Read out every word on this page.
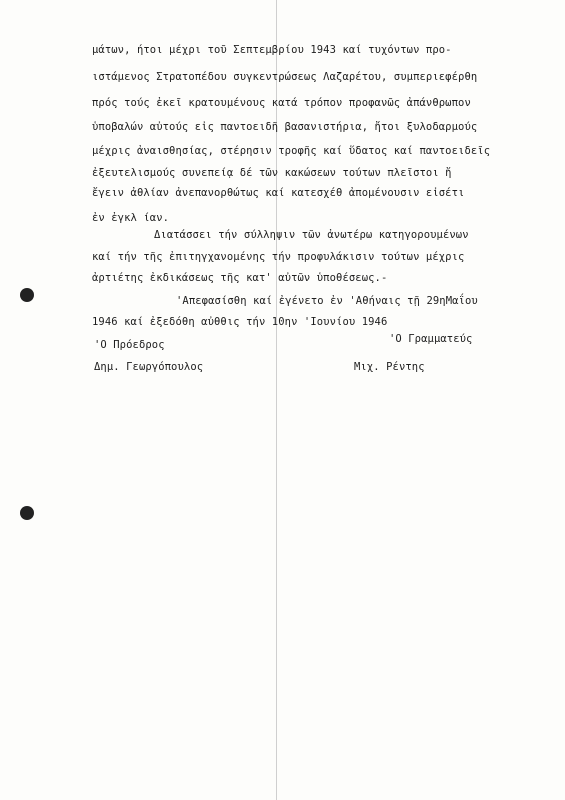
μάτων, ήτοι μέχρι τοῦ Σεπτεμβρίου 1943 καί τυχόντων προ-
ιστάμενος Στρατοπέδου συγκεντρώσεως Λαζαρέτου, συμπεριεφέρθη
πρός τούς ἐκεῖ κρατουμένους κατά τρόπον προφανῶς ἀπάνθρωπον
ὑποβαλών αὐτούς εἰς παντοειδῆ βασανιστήρια, ἤτοι ξυλοδαρμούς
μέχρις ἀναισθησίας, στέρησιν τροφῆς καί ὕδατος καί παντοειδεῖς
ἐξευτελισμούς συνεπείᾳ δέ τῶν κακώσεων τούτων πλεῖστοι ἤ
ἔγειν ἀθλίαν ἀνεπανορθώτως καί κατεσχέθ ἀπομένουσιν εἰσέτι
ἐν ἐγκλ ίαν.
Διατάσσει τήν σύλληψιν τῶν ἀνωτέρω κατηγορουμένων
καί τήν τῆς ἐπιτηγχανομένης τήν προφυλάκισιν τούτων μέχρις
ἀρτιέτης ἐκδικάσεως τῆς κατ' αὐτῶν ὑποθέσεως.-
'Απεφασίσθη καί ἐγένετο ἐν 'Αθήναις τῇ 29ηΜαΐου
1946 καί ἐξεδόθη αὐθθις τήν 10ην 'Ιουνίου 1946
'Ο Πρόεδρος
Δημ. Γεωργόπουλος
'Ο Γραμματεύς
Μιχ. Ρέντης
